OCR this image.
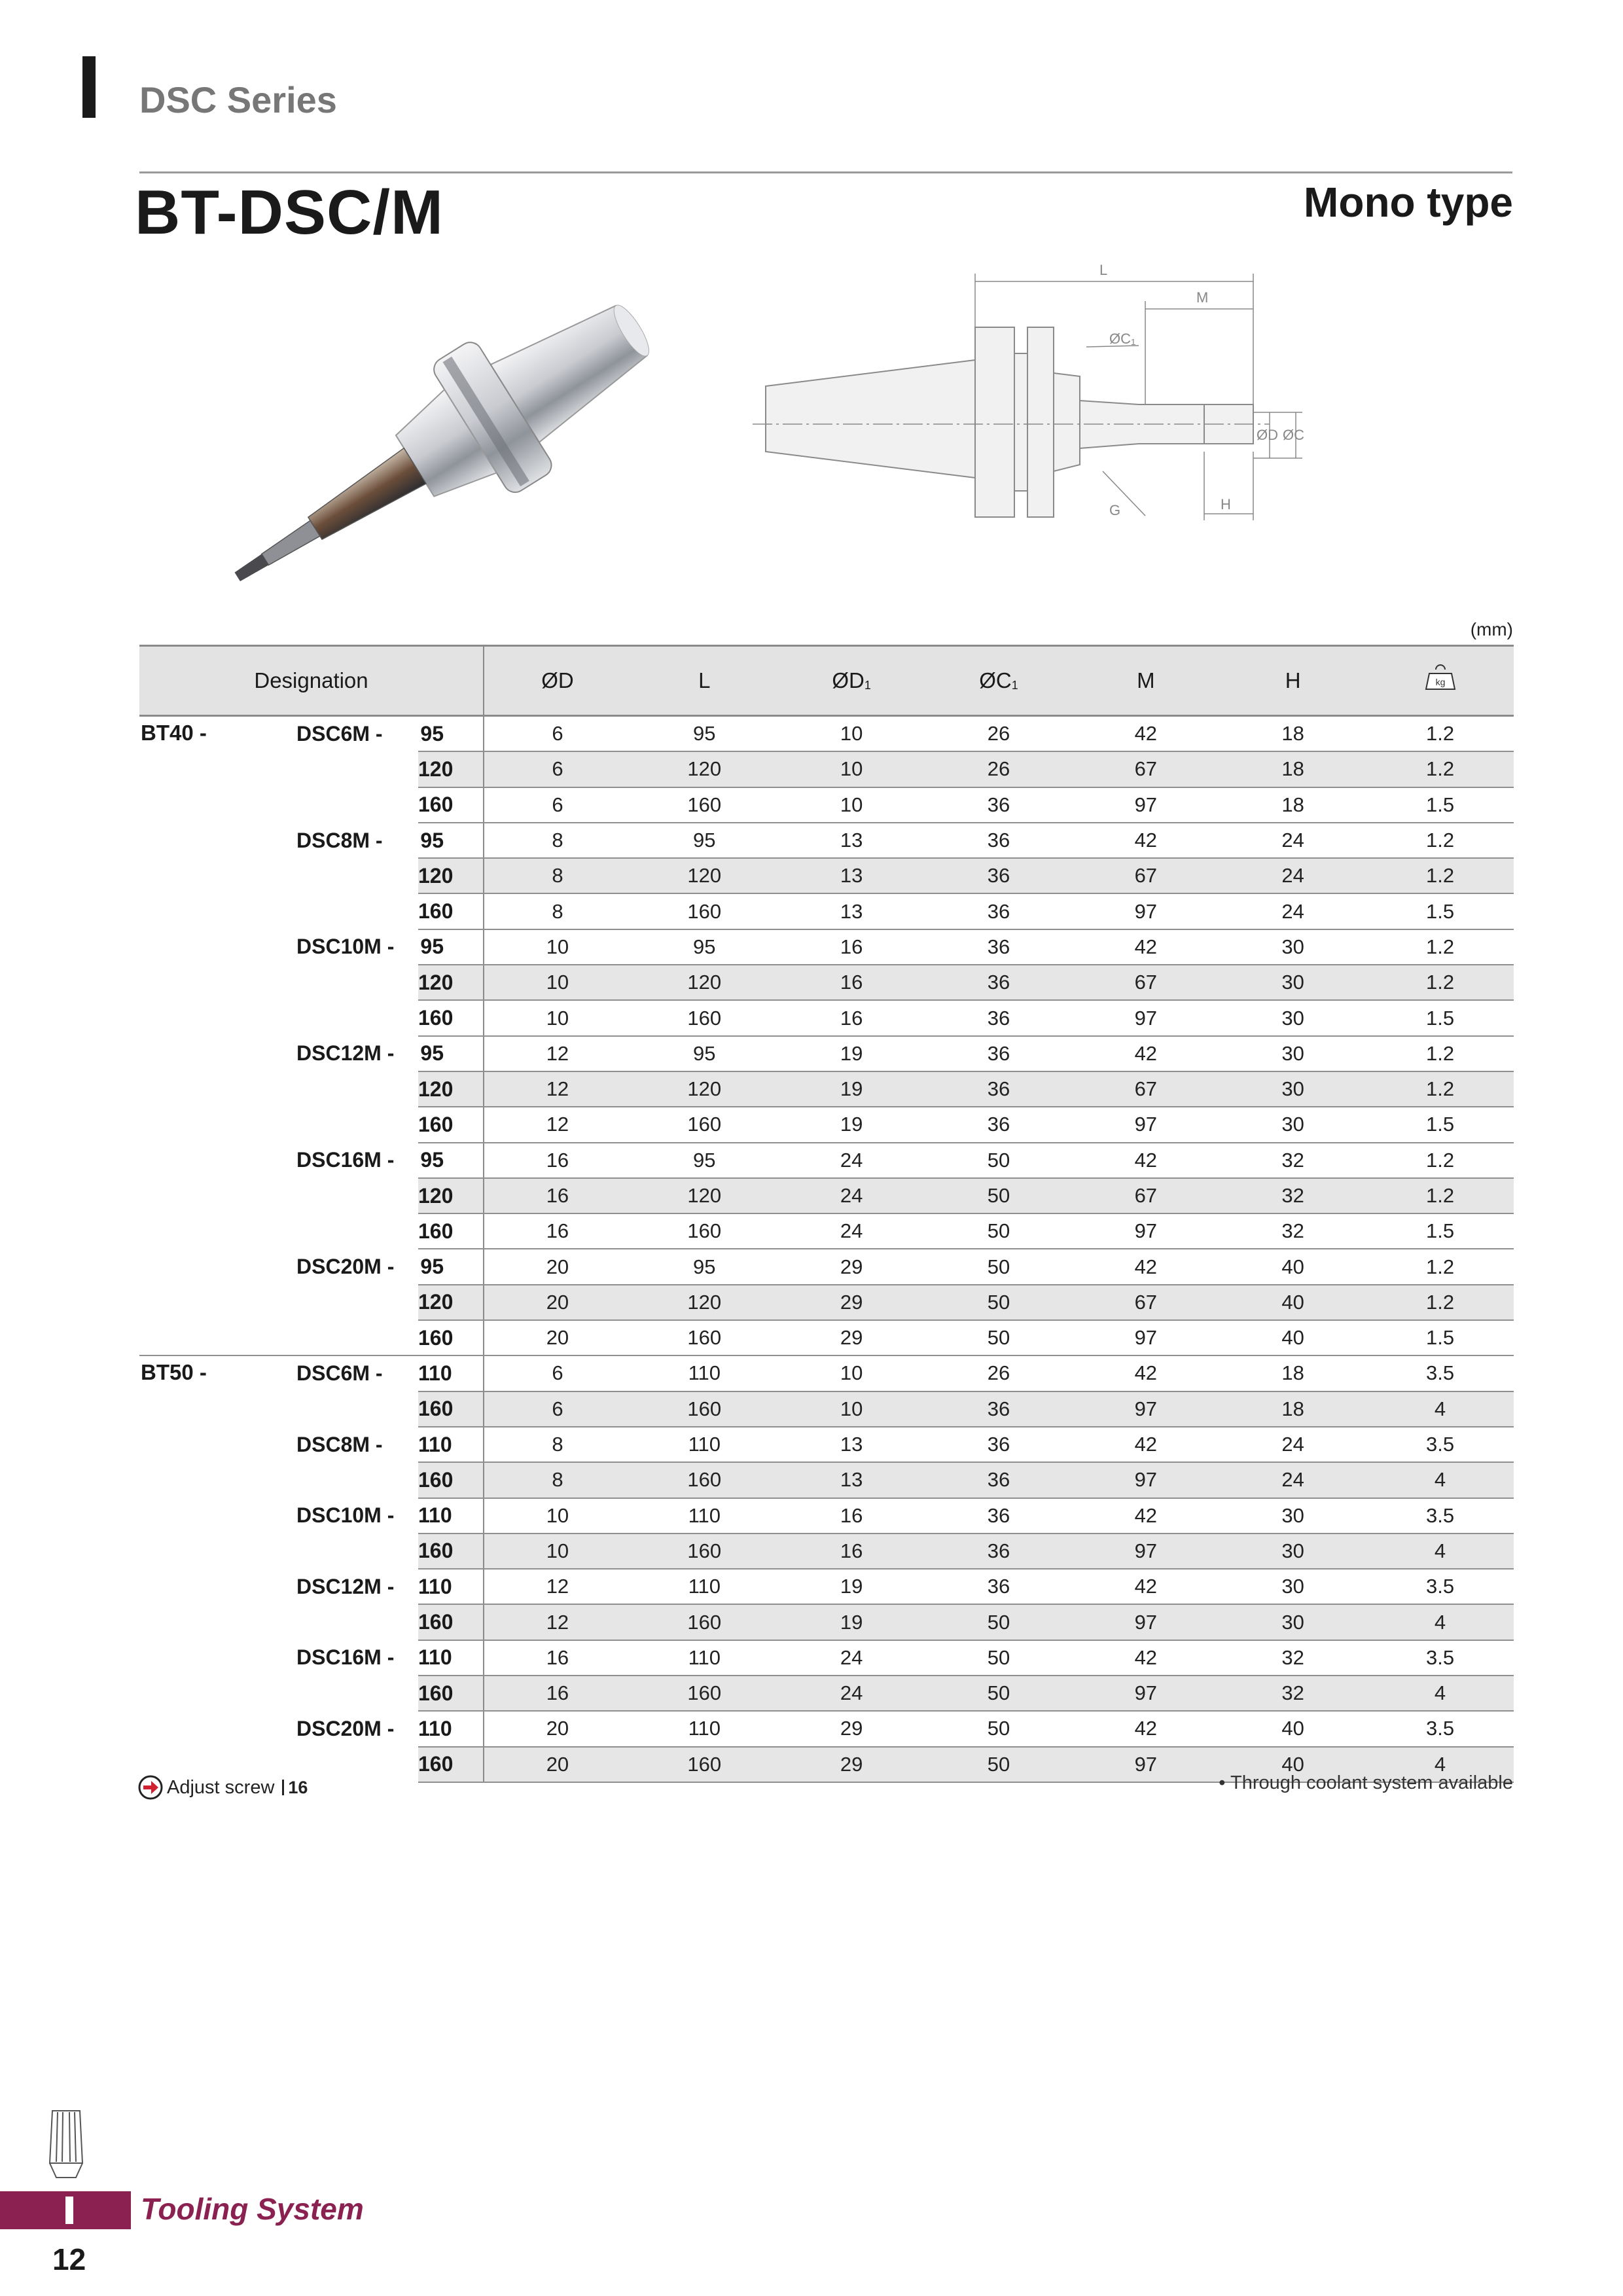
DSC Series
BT-DSC/M	Mono type
L
M
ØC₁
ØD ØC
G	H
(mm)
Designation			ØD	L	ØD1	ØC1	M	H	kg

BT40 -	DSC6M -	95	6	95	10	26	42	18	1.2
		120	6	120	10	26	67	18	1.2
		160	6	160	10	36	97	18	1.5
	DSC8M -	95	8	95	13	36	42	24	1.2
		120	8	120	13	36	67	24	1.2
		160	8	160	13	36	97	24	1.5
	DSC10M -	95	10	95	16	36	42	30	1.2
		120	10	120	16	36	67	30	1.2
		160	10	160	16	36	97	30	1.5
	DSC12M -	95	12	95	19	36	42	30	1.2
		120	12	120	19	36	67	30	1.2
		160	12	160	19	36	97	30	1.5
	DSC16M -	95	16	95	24	50	42	32	1.2
		120	16	120	24	50	67	32	1.2
		160	16	160	24	50	97	32	1.5
	DSC20M -	95	20	95	29	50	42	40	1.2
		120	20	120	29	50	67	40	1.2
		160	20	160	29	50	97	40	1.5
BT50 -	DSC6M -	110	6	110	10	26	42	18	3.5
		160	6	160	10	36	97	18	4
	DSC8M -	110	8	110	13	36	42	24	3.5
		160	8	160	13	36	97	24	4
	DSC10M -	110	10	110	16	36	42	30	3.5
		160	10	160	16	36	97	30	4
	DSC12M -	110	12	110	19	36	42	30	3.5
		160	12	160	19	50	97	30	4
	DSC16M -	110	16	110	24	50	42	32	3.5
		160	16	160	24	50	97	32	4
	DSC20M -	110	20	110	29	50	42	40	3.5
		160	20	160	29	50	97	40	4
Adjust screw 16	• Through coolant system available
Tooling System
12
